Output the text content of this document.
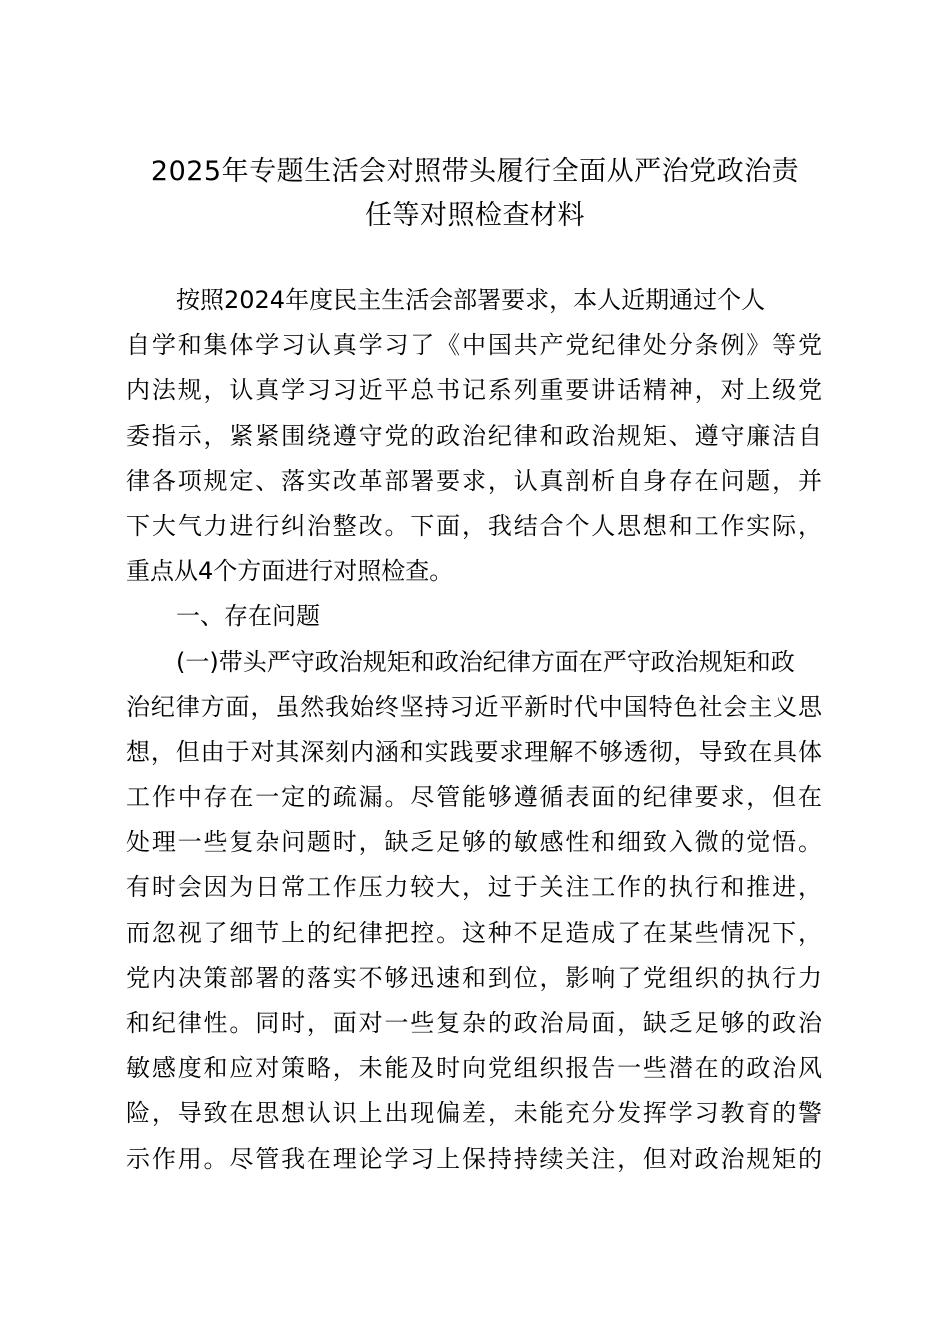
2025年专题生活会对照带头履行全面从严治党政治责
任等对照检查材料
按照2024年度民主生活会部署要求，本人近期通过个人
自学和集体学习认真学习了《中国共产党纪律处分条例》等党
内法规，认真学习习近平总书记系列重要讲话精神，对上级党
委指示，紧紧围绕遵守党的政治纪律和政治规矩、遵守廉洁自
律各项规定、落实改革部署要求，认真剖析自身存在问题，并
下大气力进行纠治整改。下面，我结合个人思想和工作实际，
重点从4个方面进行对照检查。
一、存在问题
(一)带头严守政治规矩和政治纪律方面在严守政治规矩和政
治纪律方面，虽然我始终坚持习近平新时代中国特色社会主义思
想，但由于对其深刻内涵和实践要求理解不够透彻，导致在具体
工作中存在一定的疏漏。尽管能够遵循表面的纪律要求，但在
处理一些复杂问题时，缺乏足够的敏感性和细致入微的觉悟。
有时会因为日常工作压力较大，过于关注工作的执行和推进，
而忽视了细节上的纪律把控。这种不足造成了在某些情况下，
党内决策部署的落实不够迅速和到位，影响了党组织的执行力
和纪律性。同时，面对一些复杂的政治局面，缺乏足够的政治
敏感度和应对策略，未能及时向党组织报告一些潜在的政治风
险，导致在思想认识上出现偏差，未能充分发挥学习教育的警
示作用。尽管我在理论学习上保持持续关注，但对政治规矩的
